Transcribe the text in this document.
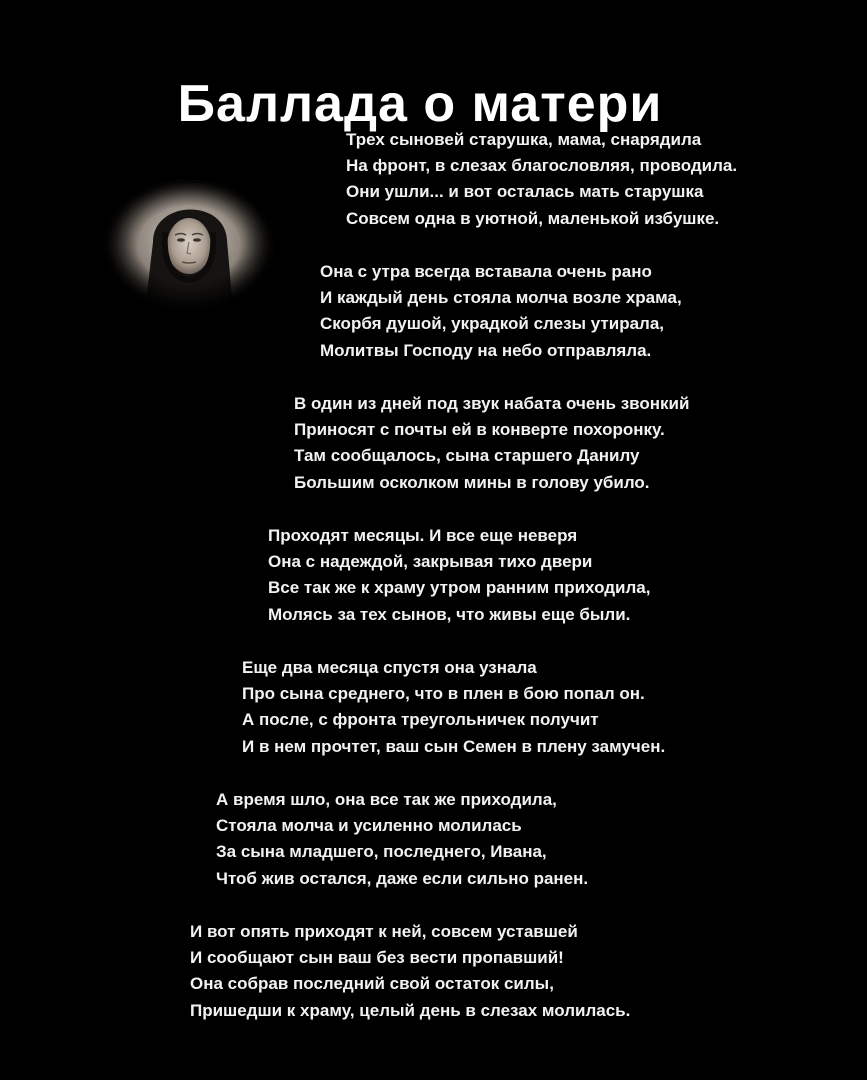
Баллада о матери
Трех сыновей старушка, мама, снарядила
На фронт, в слезах благословляя, проводила.
Они ушли... и вот осталась мать старушка
Совсем одна в уютной, маленькой избушке.
Она с утра всегда вставала очень рано
И каждый день стояла молча возле храма,
Скорбя душой, украдкой слезы утирала,
Молитвы Господу на небо отправляла.
В один из дней под звук набата очень звонкий
Приносят с почты ей в конверте похоронку.
Там сообщалось, сына старшего Данилу
Большим осколком мины в голову убило.
Проходят месяцы. И все еще неверя
Она с надеждой, закрывая тихо двери
Все так же к храму утром ранним приходила,
Молясь за тех сынов, что живы еще были.
Еще два месяца спустя она узнала
Про сына среднего, что в плен в бою попал он.
А после, с фронта треугольничек получит
И в нем прочтет, ваш сын Семен в плену замучен.
А время шло, она все так же приходила,
Стояла молча и усиленно молилась
За сына младшего, последнего, Ивана,
Чтоб жив остался, даже если сильно ранен.
И вот опять приходят к ней, совсем уставшей
И сообщают сын ваш без вести пропавший!
Она собрав последний свой остаток силы,
Пришедши к храму, целый день в слезах молилась.
